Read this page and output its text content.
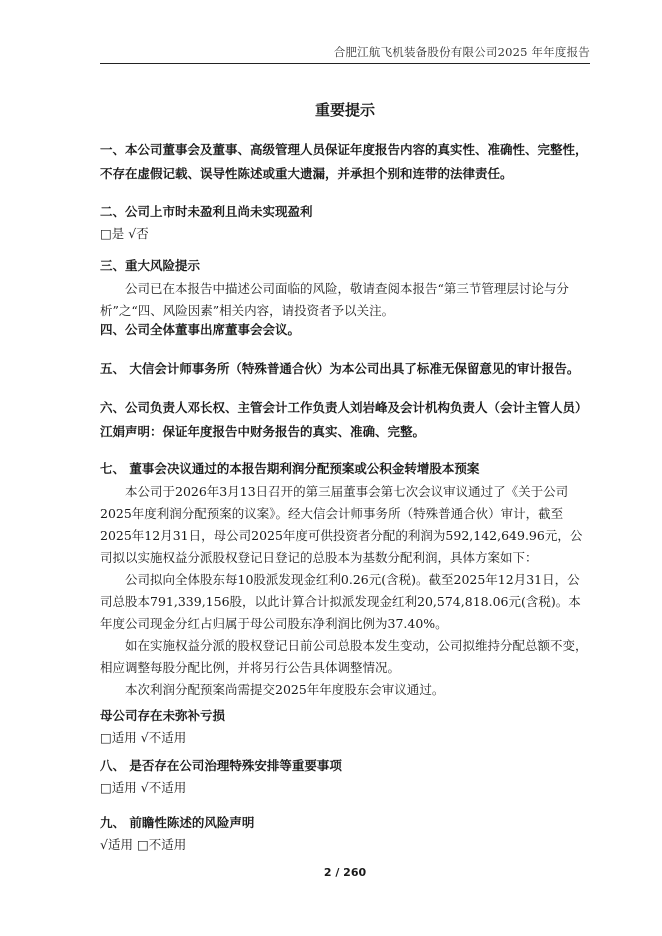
合肥江航飞机装备股份有限公司2025 年年度报告
重要提示
一、本公司董事会及董事、高级管理人员保证年度报告内容的真实性、准确性、完整性，不存在虚假记载、误导性陈述或重大遗漏，并承担个别和连带的法律责任。
二、公司上市时未盈利且尚未实现盈利
□是 √否
三、重大风险提示
公司已在本报告中描述公司面临的风险，敬请查阅本报告“第三节管理层讨论与分析”之“四、风险因素”相关内容，请投资者予以关注。
四、公司全体董事出席董事会会议。
五、 大信会计师事务所（特殊普通合伙）为本公司出具了标准无保留意见的审计报告。
六、公司负责人邓长权、主管会计工作负责人刘岩峰及会计机构负责人（会计主管人员）江娟声明：保证年度报告中财务报告的真实、准确、完整。
七、 董事会决议通过的本报告期利润分配预案或公积金转增股本预案
本公司于2026年3月13日召开的第三届董事会第七次会议审议通过了《关于公司2025年度利润分配预案的议案》。经大信会计师事务所（特殊普通合伙）审计，截至2025年12月31日，母公司2025年度可供投资者分配的利润为592,142,649.96元，公司拟以实施权益分派股权登记日登记的总股本为基数分配利润，具体方案如下：
公司拟向全体股东每10股派发现金红利0.26元(含税)。截至2025年12月31日，公司总股本791,339,156股，以此计算合计拟派发现金红利20,574,818.06元(含税)。本年度公司现金分红占归属于母公司股东净利润比例为37.40%。
如在实施权益分派的股权登记日前公司总股本发生变动，公司拟维持分配总额不变，相应调整每股分配比例，并将另行公告具体调整情况。
本次利润分配预案尚需提交2025年年度股东会审议通过。
母公司存在未弥补亏损
□适用 √不适用
八、 是否存在公司治理特殊安排等重要事项
□适用 √不适用
九、 前瞻性陈述的风险声明
√适用 □不适用
2 / 260
